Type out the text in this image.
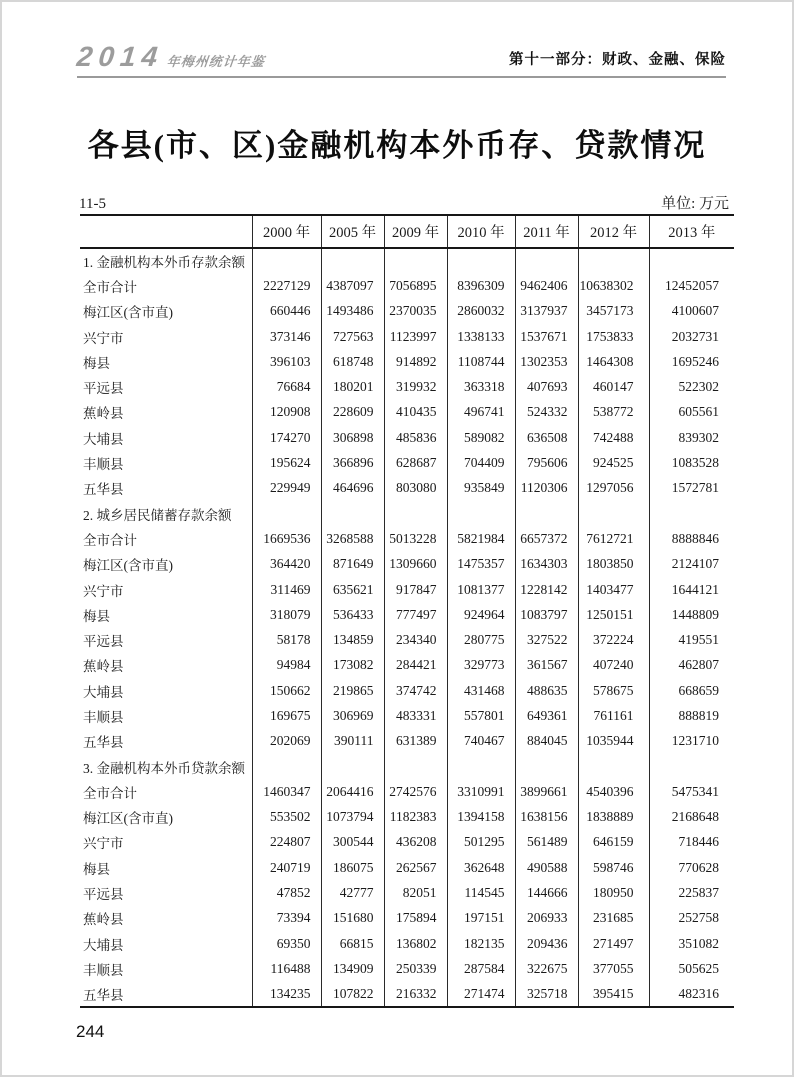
2014年梅州统计年鉴	第十一部分：财政、金融、保险
各县(市、区)金融机构本外币存、贷款情况
11-5	单位: 万元
	2000 年	2005 年	2009 年	2010 年	2011 年	2012 年	2013 年
1. 金融机构本外币存款余额							
全市合计	2227129	4387097	7056895	8396309	9462406	10638302	12452057
梅江区(含市直)	660446	1493486	2370035	2860032	3137937	3457173	4100607
兴宁市	373146	727563	1123997	1338133	1537671	1753833	2032731
梅县	396103	618748	914892	1108744	1302353	1464308	1695246
平远县	76684	180201	319932	363318	407693	460147	522302
蕉岭县	120908	228609	410435	496741	524332	538772	605561
大埔县	174270	306898	485836	589082	636508	742488	839302
丰顺县	195624	366896	628687	704409	795606	924525	1083528
五华县	229949	464696	803080	935849	1120306	1297056	1572781
2. 城乡居民储蓄存款余额							
全市合计	1669536	3268588	5013228	5821984	6657372	7612721	8888846
梅江区(含市直)	364420	871649	1309660	1475357	1634303	1803850	2124107
兴宁市	311469	635621	917847	1081377	1228142	1403477	1644121
梅县	318079	536433	777497	924964	1083797	1250151	1448809
平远县	58178	134859	234340	280775	327522	372224	419551
蕉岭县	94984	173082	284421	329773	361567	407240	462807
大埔县	150662	219865	374742	431468	488635	578675	668659
丰顺县	169675	306969	483331	557801	649361	761161	888819
五华县	202069	390111	631389	740467	884045	1035944	1231710
3. 金融机构本外币贷款余额							
全市合计	1460347	2064416	2742576	3310991	3899661	4540396	5475341
梅江区(含市直)	553502	1073794	1182383	1394158	1638156	1838889	2168648
兴宁市	224807	300544	436208	501295	561489	646159	718446
梅县	240719	186075	262567	362648	490588	598746	770628
平远县	47852	42777	82051	114545	144666	180950	225837
蕉岭县	73394	151680	175894	197151	206933	231685	252758
大埔县	69350	66815	136802	182135	209436	271497	351082
丰顺县	116488	134909	250339	287584	322675	377055	505625
五华县	134235	107822	216332	271474	325718	395415	482316
244
